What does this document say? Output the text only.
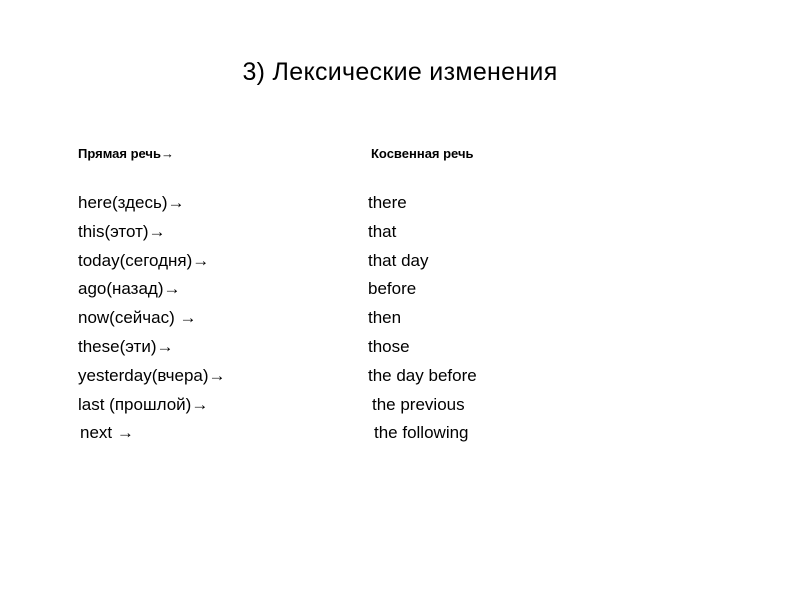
3) Лексические изменения
Прямая речь→	Косвенная речь
here(здесь)→	there
this(этот)→	that
today(сегодня)→	that day
ago(назад)→	before
now(сейчас) →	then
these(эти)→	those
yesterday(вчера)→	the day before
last (прошлой)→	the previous
next →	the following
